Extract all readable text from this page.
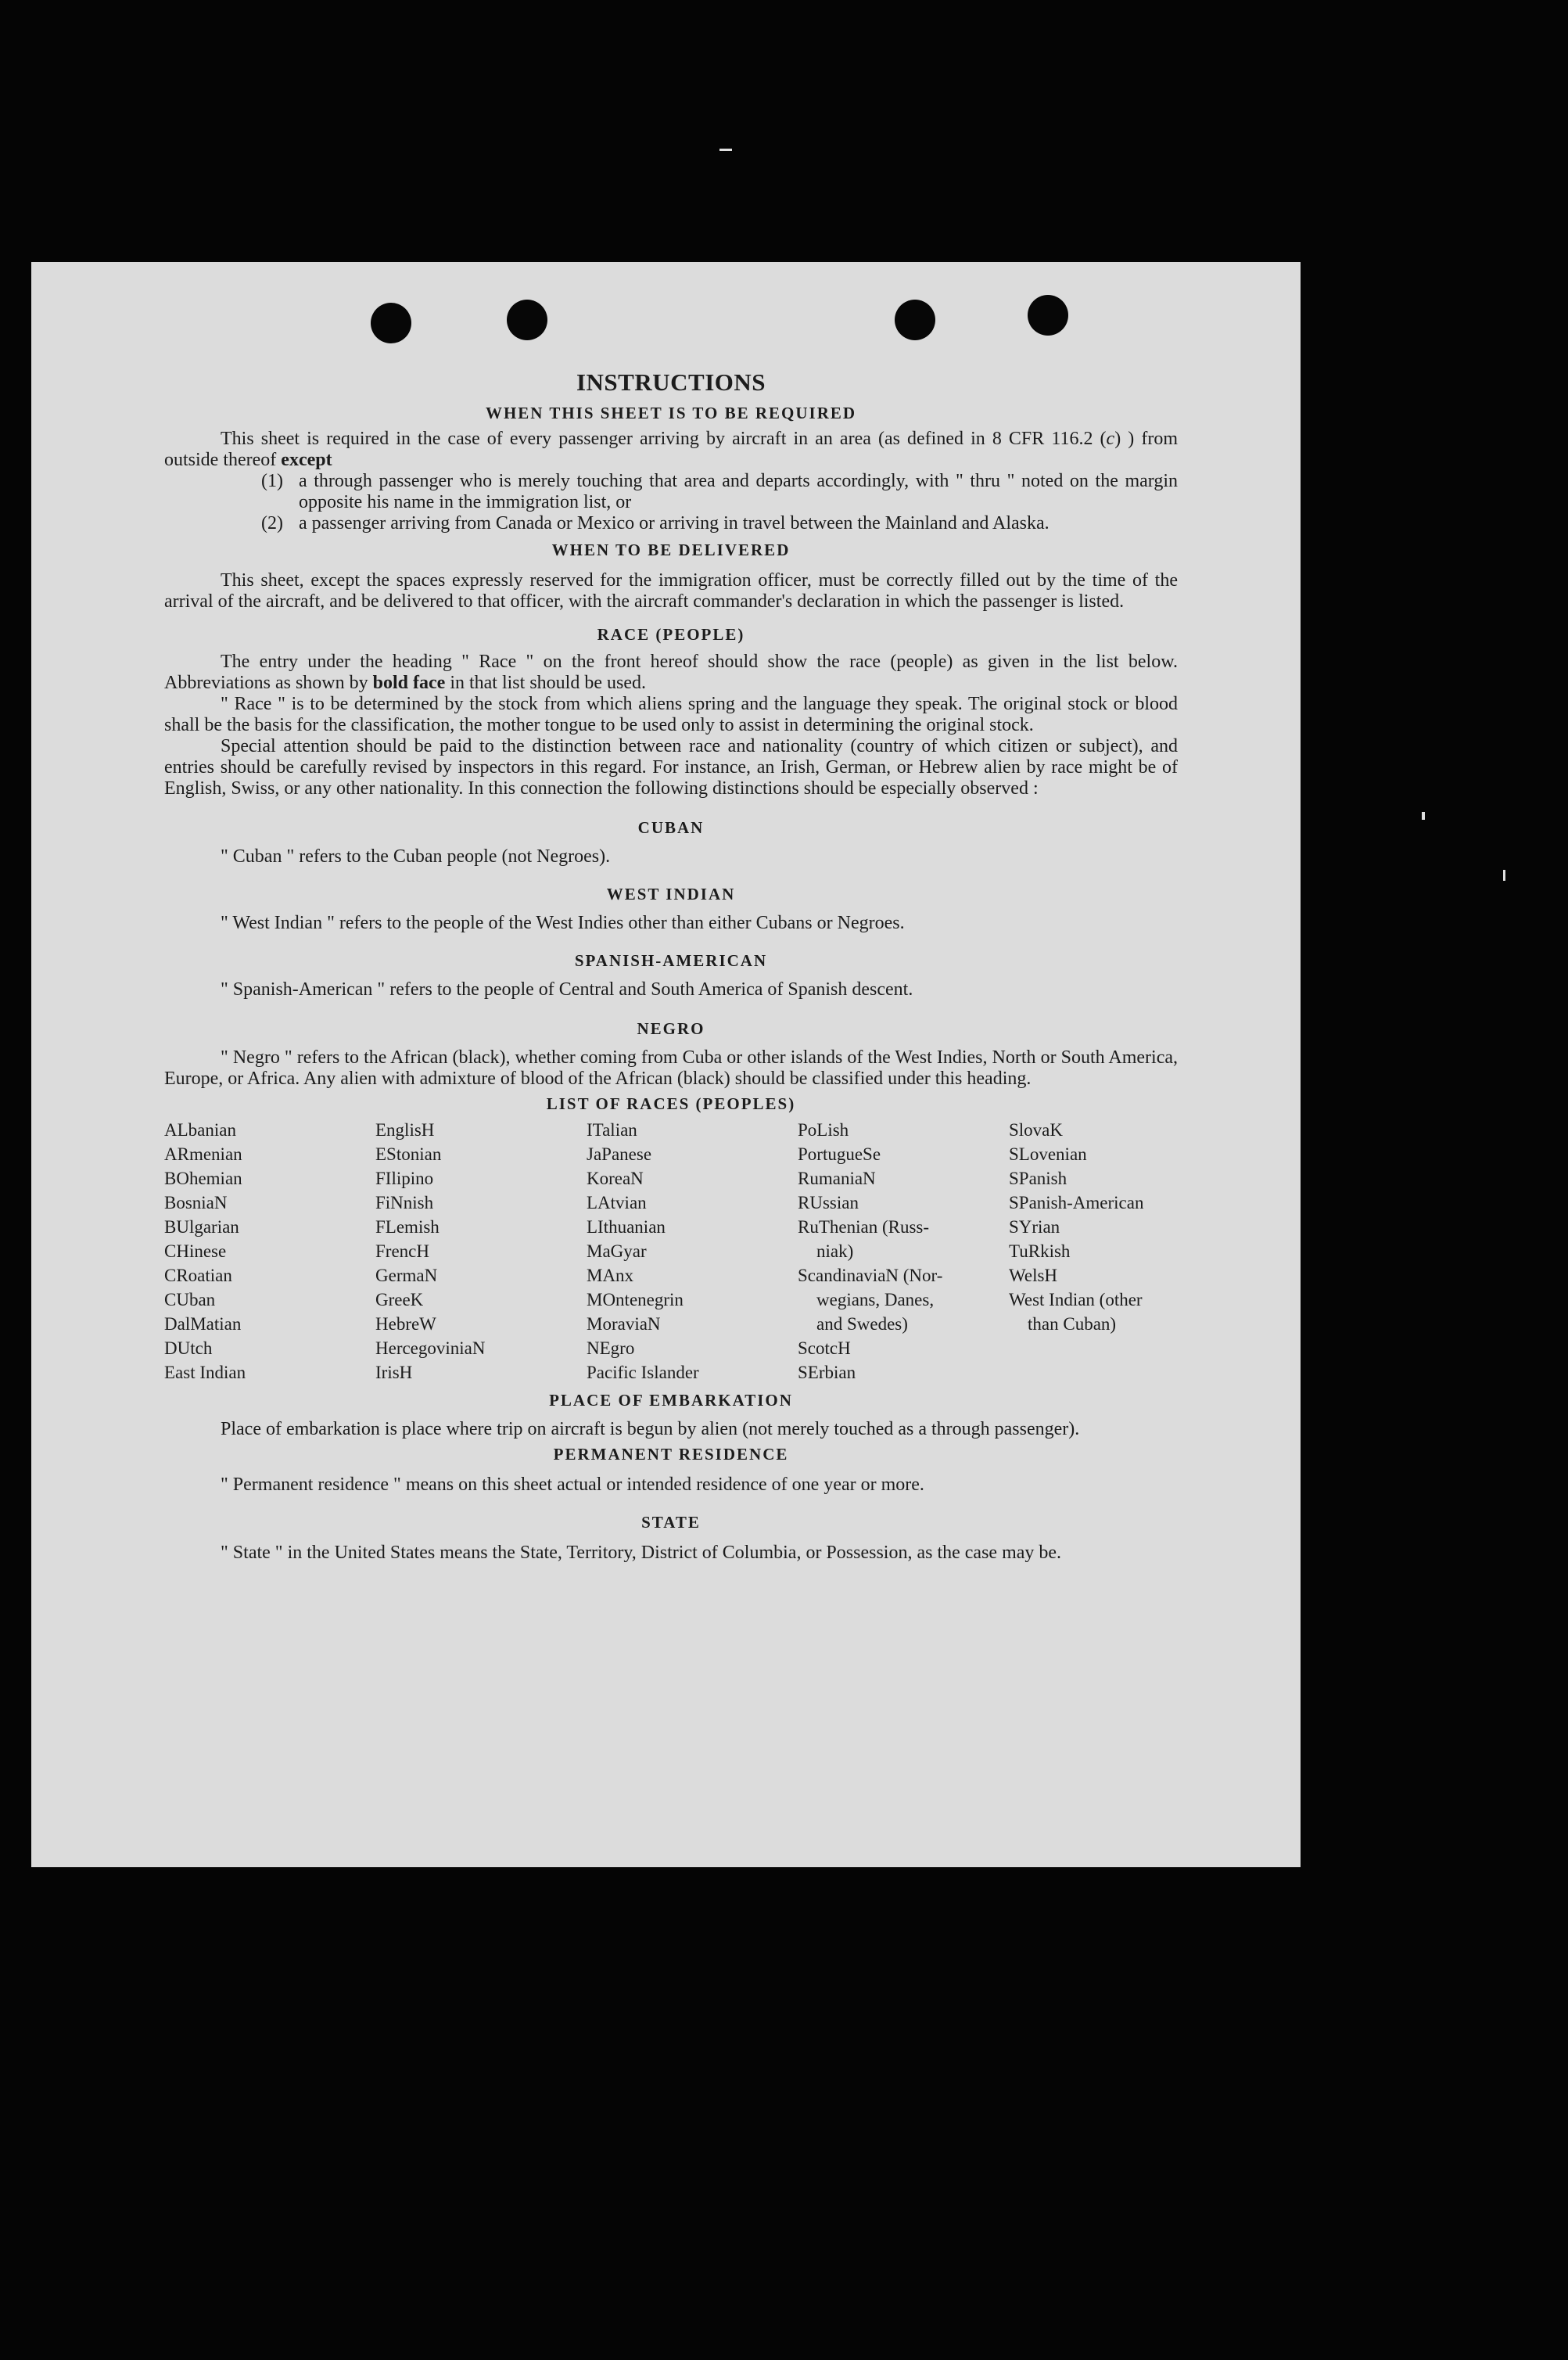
INSTRUCTIONS
WHEN THIS SHEET IS TO BE REQUIRED

This sheet is required in the case of every passenger arriving by aircraft in an area (as defined in 8 CFR 116.2 (c) ) from outside thereof except

(1) a through passenger who is merely touching that area and departs accordingly, with " thru " noted on the margin opposite his name in the immigration list, or
(2) a passenger arriving from Canada or Mexico or arriving in travel between the Mainland and Alaska.
WHEN TO BE DELIVERED

This sheet, except the spaces expressly reserved for the immigration officer, must be correctly filled out by the time of the arrival of the aircraft, and be delivered to that officer, with the aircraft commander's declaration in which the passenger is listed.

RACE (PEOPLE)

The entry under the heading " Race " on the front hereof should show the race (people) as given in the list below. Abbreviations as shown by bold face in that list should be used.

" Race " is to be determined by the stock from which aliens spring and the language they speak. The original stock or blood shall be the basis for the classification, the mother tongue to be used only to assist in determining the original stock.

Special attention should be paid to the distinction between race and nationality (country of which citizen or subject), and entries should be carefully revised by inspectors in this regard. For instance, an Irish, German, or Hebrew alien by race might be of English, Swiss, or any other nationality. In this connection the following distinctions should be especially observed :

CUBAN

" Cuban " refers to the Cuban people (not Negroes).

WEST INDIAN

" West Indian " refers to the people of the West Indies other than either Cubans or Negroes.

SPANISH-AMERICAN

" Spanish-American " refers to the people of Central and South America of Spanish descent.

NEGRO

" Negro " refers to the African (black), whether coming from Cuba or other islands of the West Indies, North or South America, Europe, or Africa. Any alien with admixture of blood of the African (black) should be classified under this heading.

LIST OF RACES (PEOPLES)
ALbanian
ARmenian
BOhemian
BosniaN
BUlgarian
CHinese
CRoatian
CUban
DalMatian
DUtch
East Indian
EnglisH
EStonian
FIlipino
FiNnish
FLemish
FrencH
GermaN
GreeK
HebreW
HercegoviniaN
IrisH
ITalian
JaPanese
KoreaN
LAtvian
LIthuanian
MaGyar
MAnx
MOntenegrin
MoraviaN
NEgro
Pacific Islander
PoLish
PortugueSe
RumaniaN
RUssian
RuThenian (Russ-
niak)
ScandinaviaN (Nor-
wegians, Danes,
and Swedes)
ScotcH
SErbian
SlovaK
SLovenian
SPanish
SPanish-American
SYrian
TuRkish
WelsH
West Indian (other
than Cuban)
PLACE OF EMBARKATION

Place of embarkation is place where trip on aircraft is begun by alien (not merely touched as a through passenger).

PERMANENT RESIDENCE

" Permanent residence " means on this sheet actual or intended residence of one year or more.

STATE

" State " in the United States means the State, Territory, District of Columbia, or Possession, as the case may be.
